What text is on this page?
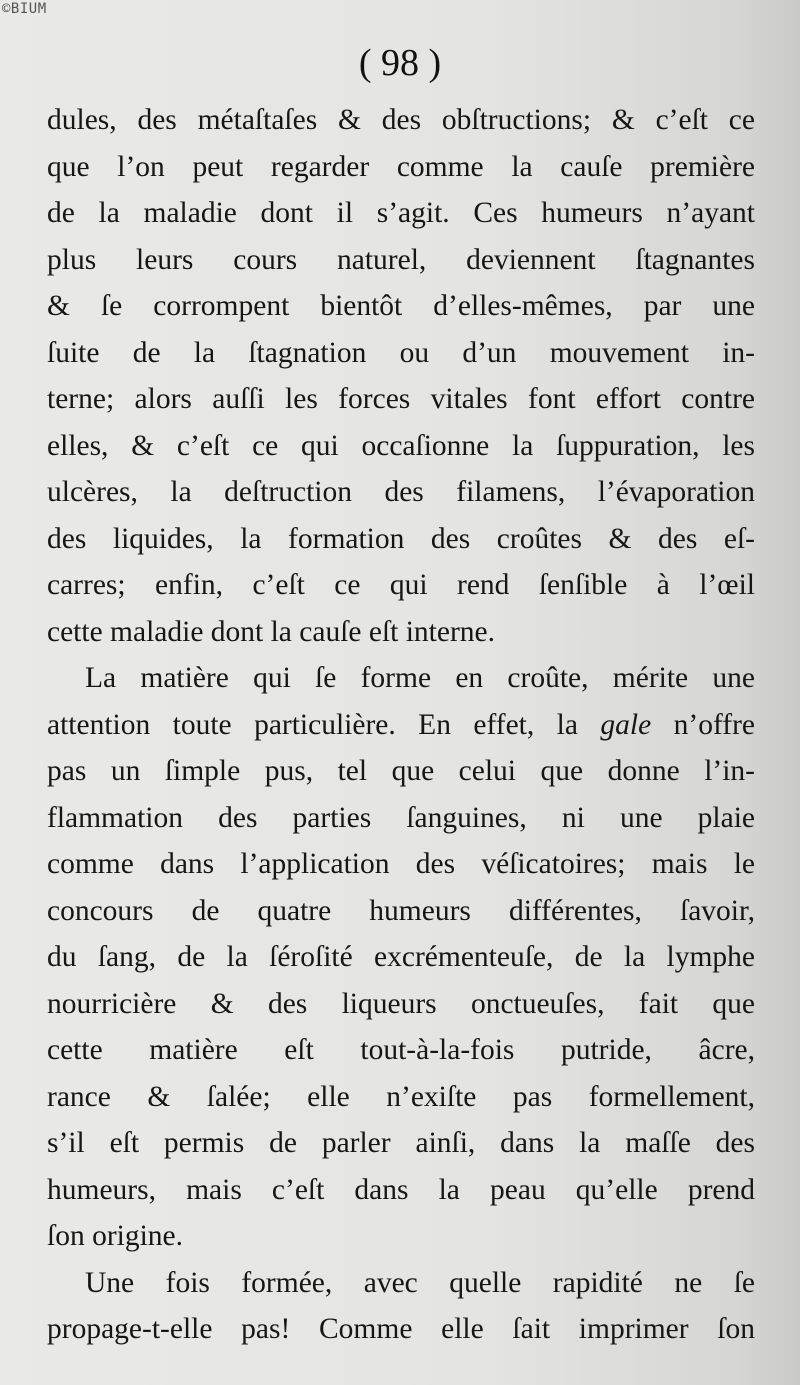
©BIUM
( 98 )
dules, des métaſtaſes & des obſtructions; & c’eſt ce
que l’on peut regarder comme la cauſe première
de la maladie dont il s’agit. Ces humeurs n’ayant
plus leurs cours naturel, deviennent ſtagnantes
& ſe corrompent bientôt d’elles-mêmes, par une
ſuite de la ſtagnation ou d’un mouvement in-
terne; alors auſſi les forces vitales font effort contre
elles, & c’eſt ce qui occaſionne la ſuppuration, les
ulcères, la deſtruction des filamens, l’évaporation
des liquides, la formation des croûtes & des eſ-
carres; enfin, c’eſt ce qui rend ſenſible à l’œil
cette maladie dont la cauſe eſt interne.
La matière qui ſe forme en croûte, mérite une
attention toute particulière. En effet, la gale n’offre
pas un ſimple pus, tel que celui que donne l’in-
flammation des parties ſanguines, ni une plaie
comme dans l’application des véſicatoires; mais le
concours de quatre humeurs différentes, ſavoir,
du ſang, de la ſéroſité excrémenteuſe, de la lymphe
nourricière & des liqueurs onctueuſes, fait que
cette matière eſt tout-à-la-fois putride, âcre,
rance & ſalée; elle n’exiſte pas formellement,
s’il eſt permis de parler ainſi, dans la maſſe des
humeurs, mais c’eſt dans la peau qu’elle prend
ſon origine.
Une fois formée, avec quelle rapidité ne ſe
propage-t-elle pas! Comme elle ſait imprimer ſon
